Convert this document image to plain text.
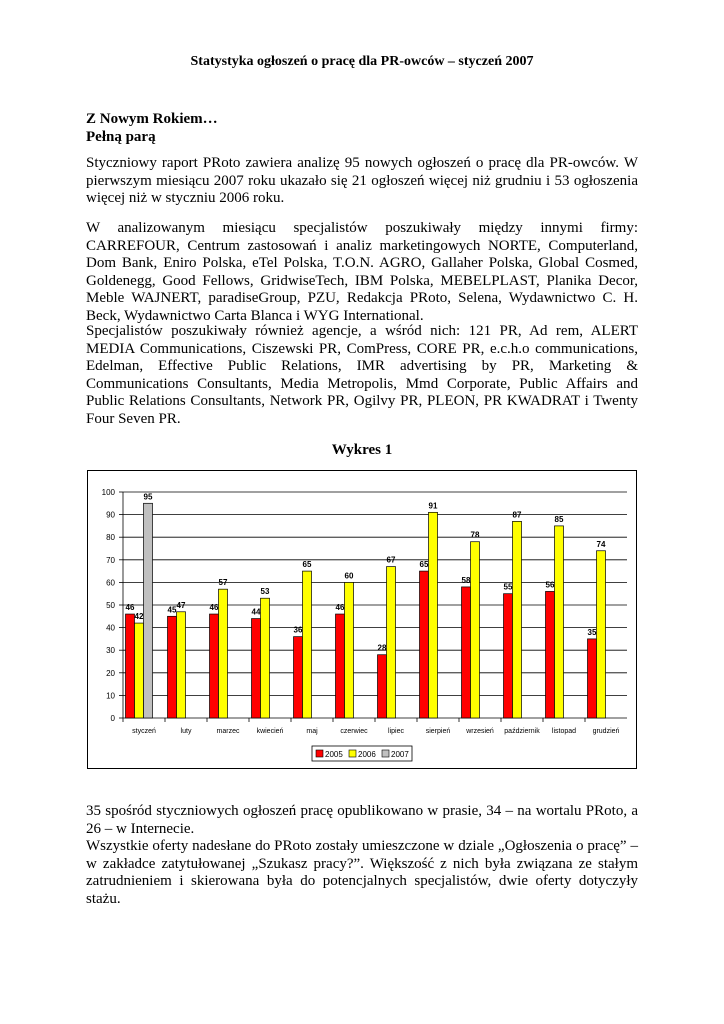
Statystyka ogłoszeń o pracę dla PR-owców – styczeń 2007
Z Nowym Rokiem…
Pełną parą
Styczniowy raport PRoto zawiera analizę 95 nowych ogłoszeń o pracę dla PR-owców. W pierwszym miesiącu 2007 roku ukazało się 21 ogłoszeń więcej niż grudniu i 53 ogłoszenia więcej niż w styczniu 2006 roku.
W analizowanym miesiącu specjalistów poszukiwały między innymi firmy: CARREFOUR, Centrum zastosowań i analiz marketingowych NORTE, Computerland, Dom Bank, Eniro Polska, eTel Polska, T.O.N. AGRO, Gallaher Polska, Global Cosmed, Goldenegg, Good Fellows, GridwiseTech, IBM Polska, MEBELPLAST, Planika Decor, Meble WAJNERT, paradiseGroup, PZU, Redakcja PRoto, Selena, Wydawnictwo C. H. Beck, Wydawnictwo Carta Blanca i WYG International.
Specjalistów poszukiwały również agencje, a wśród nich: 121 PR, Ad rem, ALERT MEDIA Communications, Ciszewski PR, ComPress, CORE PR, e.c.h.o communications, Edelman, Effective Public Relations, IMR advertising by PR, Marketing & Communications Consultants, Media Metropolis, Mmd Corporate, Public Affairs and Public Relations Consultants, Network PR, Ogilvy PR, PLEON, PR KWADRAT i Twenty Four Seven PR.
Wykres 1
35 spośród styczniowych ogłoszeń pracę opublikowano w prasie, 34 – na wortalu PRoto, a 26 – w Internecie.
Wszystkie oferty nadesłane do PRoto zostały umieszczone w dziale „Ogłoszenia o pracę” – w zakładce zatytułowanej „Szukasz pracy?”. Większość z nich była związana ze stałym zatrudnieniem i skierowana była do potencjalnych specjalistów, dwie oferty dotyczyły stażu.
0
10
20
30
40
50
60
70
80
90
100
styczeń	luty	marzec kwiecień	maj	czerwiec	lipiec	sierpień wrzesień październik listopad grudzień
46
42
95
45
47	46
57
44
53
36
65
46
60
28
67
65
91
58
78
55
87
56
85
35
74
2005 2006 2007
